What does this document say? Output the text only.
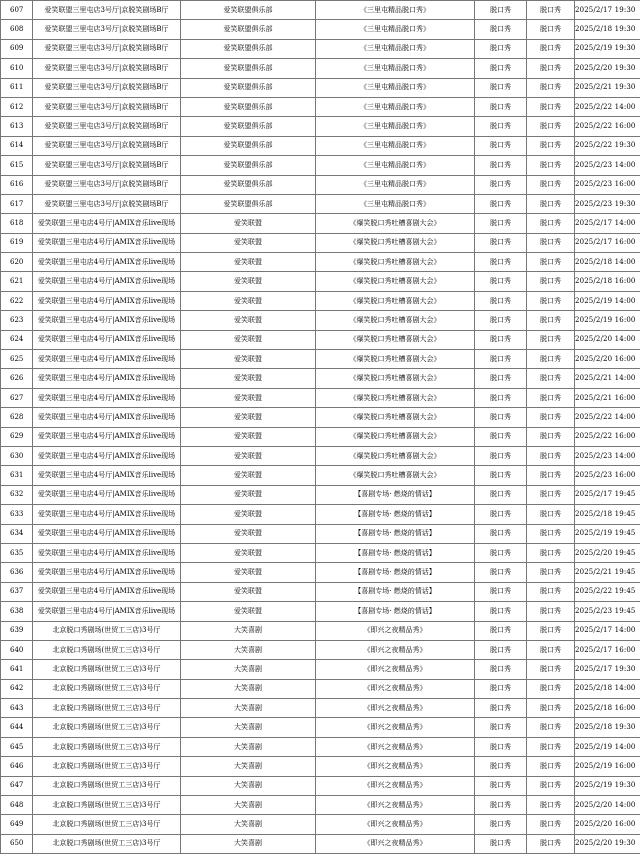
607	爱笑联盟三里屯店3号厅|京脱笑剧场B厅	爱笑联盟俱乐部	《三里屯精品脱口秀》	脱口秀	脱口秀	2025/2/17 19:30
608	爱笑联盟三里屯店3号厅|京脱笑剧场B厅	爱笑联盟俱乐部	《三里屯精品脱口秀》	脱口秀	脱口秀	2025/2/18 19:30
609	爱笑联盟三里屯店3号厅|京脱笑剧场B厅	爱笑联盟俱乐部	《三里屯精品脱口秀》	脱口秀	脱口秀	2025/2/19 19:30
610	爱笑联盟三里屯店3号厅|京脱笑剧场B厅	爱笑联盟俱乐部	《三里屯精品脱口秀》	脱口秀	脱口秀	2025/2/20 19:30
611	爱笑联盟三里屯店3号厅|京脱笑剧场B厅	爱笑联盟俱乐部	《三里屯精品脱口秀》	脱口秀	脱口秀	2025/2/21 19:30
612	爱笑联盟三里屯店3号厅|京脱笑剧场B厅	爱笑联盟俱乐部	《三里屯精品脱口秀》	脱口秀	脱口秀	2025/2/22 14:00
613	爱笑联盟三里屯店3号厅|京脱笑剧场B厅	爱笑联盟俱乐部	《三里屯精品脱口秀》	脱口秀	脱口秀	2025/2/22 16:00
614	爱笑联盟三里屯店3号厅|京脱笑剧场B厅	爱笑联盟俱乐部	《三里屯精品脱口秀》	脱口秀	脱口秀	2025/2/22 19:30
615	爱笑联盟三里屯店3号厅|京脱笑剧场B厅	爱笑联盟俱乐部	《三里屯精品脱口秀》	脱口秀	脱口秀	2025/2/23 14:00
616	爱笑联盟三里屯店3号厅|京脱笑剧场B厅	爱笑联盟俱乐部	《三里屯精品脱口秀》	脱口秀	脱口秀	2025/2/23 16:00
617	爱笑联盟三里屯店3号厅|京脱笑剧场B厅	爱笑联盟俱乐部	《三里屯精品脱口秀》	脱口秀	脱口秀	2025/2/23 19:30
618	爱笑联盟三里屯店4号厅|AMIX音乐live现场	爱笑联盟	《爆笑脱口秀吐槽喜剧大会》	脱口秀	脱口秀	2025/2/17 14:00
619	爱笑联盟三里屯店4号厅|AMIX音乐live现场	爱笑联盟	《爆笑脱口秀吐槽喜剧大会》	脱口秀	脱口秀	2025/2/17 16:00
620	爱笑联盟三里屯店4号厅|AMIX音乐live现场	爱笑联盟	《爆笑脱口秀吐槽喜剧大会》	脱口秀	脱口秀	2025/2/18 14:00
621	爱笑联盟三里屯店4号厅|AMIX音乐live现场	爱笑联盟	《爆笑脱口秀吐槽喜剧大会》	脱口秀	脱口秀	2025/2/18 16:00
622	爱笑联盟三里屯店4号厅|AMIX音乐live现场	爱笑联盟	《爆笑脱口秀吐槽喜剧大会》	脱口秀	脱口秀	2025/2/19 14:00
623	爱笑联盟三里屯店4号厅|AMIX音乐live现场	爱笑联盟	《爆笑脱口秀吐槽喜剧大会》	脱口秀	脱口秀	2025/2/19 16:00
624	爱笑联盟三里屯店4号厅|AMIX音乐live现场	爱笑联盟	《爆笑脱口秀吐槽喜剧大会》	脱口秀	脱口秀	2025/2/20 14:00
625	爱笑联盟三里屯店4号厅|AMIX音乐live现场	爱笑联盟	《爆笑脱口秀吐槽喜剧大会》	脱口秀	脱口秀	2025/2/20 16:00
626	爱笑联盟三里屯店4号厅|AMIX音乐live现场	爱笑联盟	《爆笑脱口秀吐槽喜剧大会》	脱口秀	脱口秀	2025/2/21 14:00
627	爱笑联盟三里屯店4号厅|AMIX音乐live现场	爱笑联盟	《爆笑脱口秀吐槽喜剧大会》	脱口秀	脱口秀	2025/2/21 16:00
628	爱笑联盟三里屯店4号厅|AMIX音乐live现场	爱笑联盟	《爆笑脱口秀吐槽喜剧大会》	脱口秀	脱口秀	2025/2/22 14:00
629	爱笑联盟三里屯店4号厅|AMIX音乐live现场	爱笑联盟	《爆笑脱口秀吐槽喜剧大会》	脱口秀	脱口秀	2025/2/22 16:00
630	爱笑联盟三里屯店4号厅|AMIX音乐live现场	爱笑联盟	《爆笑脱口秀吐槽喜剧大会》	脱口秀	脱口秀	2025/2/23 14:00
631	爱笑联盟三里屯店4号厅|AMIX音乐live现场	爱笑联盟	《爆笑脱口秀吐槽喜剧大会》	脱口秀	脱口秀	2025/2/23 16:00
632	爱笑联盟三里屯店4号厅|AMIX音乐live现场	爱笑联盟	【喜剧专场· 燃烧的情话】	脱口秀	脱口秀	2025/2/17 19:45
633	爱笑联盟三里屯店4号厅|AMIX音乐live现场	爱笑联盟	【喜剧专场· 燃烧的情话】	脱口秀	脱口秀	2025/2/18 19:45
634	爱笑联盟三里屯店4号厅|AMIX音乐live现场	爱笑联盟	【喜剧专场· 燃烧的情话】	脱口秀	脱口秀	2025/2/19 19:45
635	爱笑联盟三里屯店4号厅|AMIX音乐live现场	爱笑联盟	【喜剧专场· 燃烧的情话】	脱口秀	脱口秀	2025/2/20 19:45
636	爱笑联盟三里屯店4号厅|AMIX音乐live现场	爱笑联盟	【喜剧专场· 燃烧的情话】	脱口秀	脱口秀	2025/2/21 19:45
637	爱笑联盟三里屯店4号厅|AMIX音乐live现场	爱笑联盟	【喜剧专场· 燃烧的情话】	脱口秀	脱口秀	2025/2/22 19:45
638	爱笑联盟三里屯店4号厅|AMIX音乐live现场	爱笑联盟	【喜剧专场· 燃烧的情话】	脱口秀	脱口秀	2025/2/23 19:45
639	北京脱口秀剧场(世贸工三店)3号厅	大笑喜剧	《即兴之夜精品秀》	脱口秀	脱口秀	2025/2/17 14:00
640	北京脱口秀剧场(世贸工三店)3号厅	大笑喜剧	《即兴之夜精品秀》	脱口秀	脱口秀	2025/2/17 16:00
641	北京脱口秀剧场(世贸工三店)3号厅	大笑喜剧	《即兴之夜精品秀》	脱口秀	脱口秀	2025/2/17 19:30
642	北京脱口秀剧场(世贸工三店)3号厅	大笑喜剧	《即兴之夜精品秀》	脱口秀	脱口秀	2025/2/18 14:00
643	北京脱口秀剧场(世贸工三店)3号厅	大笑喜剧	《即兴之夜精品秀》	脱口秀	脱口秀	2025/2/18 16:00
644	北京脱口秀剧场(世贸工三店)3号厅	大笑喜剧	《即兴之夜精品秀》	脱口秀	脱口秀	2025/2/18 19:30
645	北京脱口秀剧场(世贸工三店)3号厅	大笑喜剧	《即兴之夜精品秀》	脱口秀	脱口秀	2025/2/19 14:00
646	北京脱口秀剧场(世贸工三店)3号厅	大笑喜剧	《即兴之夜精品秀》	脱口秀	脱口秀	2025/2/19 16:00
647	北京脱口秀剧场(世贸工三店)3号厅	大笑喜剧	《即兴之夜精品秀》	脱口秀	脱口秀	2025/2/19 19:30
648	北京脱口秀剧场(世贸工三店)3号厅	大笑喜剧	《即兴之夜精品秀》	脱口秀	脱口秀	2025/2/20 14:00
649	北京脱口秀剧场(世贸工三店)3号厅	大笑喜剧	《即兴之夜精品秀》	脱口秀	脱口秀	2025/2/20 16:00
650	北京脱口秀剧场(世贸工三店)3号厅	大笑喜剧	《即兴之夜精品秀》	脱口秀	脱口秀	2025/2/20 19:30
